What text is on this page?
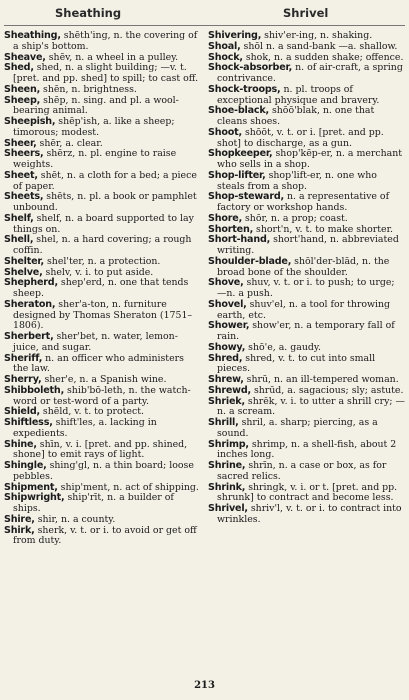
Sheathing	Shrivel

Sheathing, shēth'ing, n. the covering of a ship's bottom.

Sheave, shēv, n. a wheel in a pulley.

Shed, shed, n. a slight building; —v. t. [pret. and pp. shed] to spill; to cast off.

Sheen, shēn, n. brightness.

Sheep, shēp, n. sing. and pl. a wool-bearing animal.

Sheepish, shēp'ish, a. like a sheep; timorous; modest.

Sheer, shēr, a. clear.

Sheers, shērz, n. pl. engine to raise weights.

Sheet, shēt, n. a cloth for a bed; a piece of paper.

Sheets, shēts, n. pl. a book or pamphlet unbound.

Shelf, shelf, n. a board supported to lay things on.

Shell, shel, n. a hard covering; a rough coffin.

Shelter, shel'ter, n. a protection.

Shelve, shelv, v. i. to put aside.

Shepherd, shep'erd, n. one that tends sheep.

Sheraton, sher'a-ton, n. furniture designed by Thomas Sheraton (1751–1806).

Sherbert, sher'bet, n. water, lemon-juice, and sugar.

Sheriff, n. an officer who administers the law.

Sherry, sher'e, n. a Spanish wine.

Shibboleth, shib'bō-leth, n. the watch-word or test-word of a party.

Shield, shēld, v. t. to protect.

Shiftless, shift'les, a. lacking in expedients.

Shine, shīn, v. i. [pret. and pp. shined, shone] to emit rays of light.

Shingle, shing'gl, n. a thin board; loose pebbles.

Shipment, ship'ment, n. act of shipping.

Shipwright, ship'rīt, n. a builder of ships.

Shire, shir, n. a county.

Shirk, sherk, v. t. or i. to avoid or get off from duty.

Shivering, shiv'er-ing, n. shaking.

Shoal, shōl n. a sand-bank —a. shallow.

Shock, shok, n. a sudden shake; offence.

Shock-absorber, n. of air-craft, a spring contrivance.

Shock-troops, n. pl. troops of exceptional physique and bravery.

Shoe-black, shōō'blak, n. one that cleans shoes.

Shoot, shōōt, v. t. or i. [pret. and pp. shot] to discharge, as a gun.

Shopkeeper, shop'kēp-er, n. a merchant who sells in a shop.

Shop-lifter, shop'lift-er, n. one who steals from a shop.

Shop-steward, n. a representative of factory or workshop hands.

Shore, shōr, n. a prop; coast.

Shorten, short'n, v. t. to make shorter.

Short-hand, short'hand, n. abbreviated writing.

Shoulder-blade, shōl'der-blād, n. the broad bone of the shoulder.

Shove, shuv, v. t. or i. to push; to urge; —n. a push.

Shovel, shuv'el, n. a tool for throwing earth, etc.

Shower, show'er, n. a temporary fall of rain.

Showy, shō'e, a. gaudy.

Shred, shred, v. t. to cut into small pieces.

Shrew, shrū, n. an ill-tempered woman.

Shrewd, shrūd, a. sagacious; sly; astute.

Shriek, shrēk, v. i. to utter a shrill cry; —n. a scream.

Shrill, shril, a. sharp; piercing, as a sound.

Shrimp, shrimp, n. a shell-fish, about 2 inches long.

Shrine, shrīn, n. a case or box, as for sacred relics.

Shrink, shringk, v. i. or t. [pret. and pp. shrunk] to contract and become less.

Shrivel, shriv'l, v. t. or i. to contract into wrinkles.

213
